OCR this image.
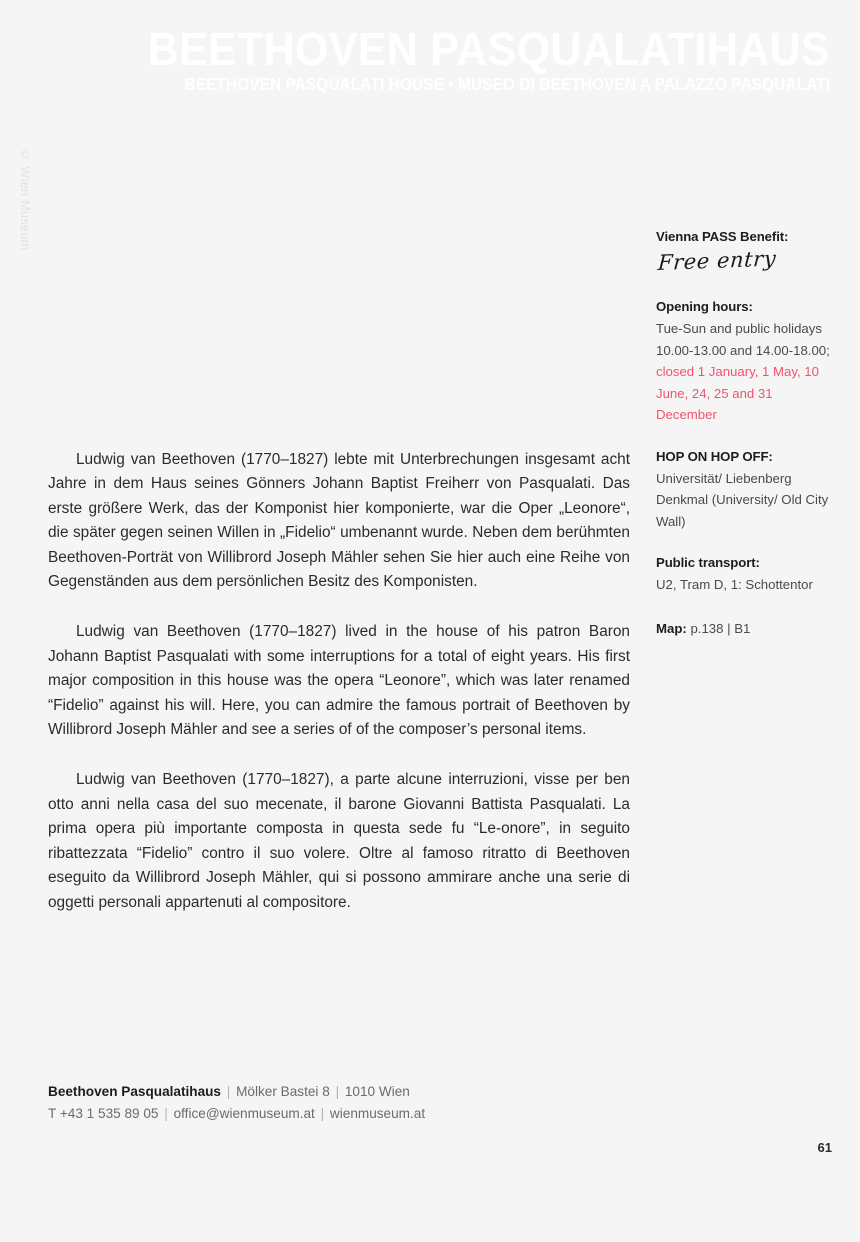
BEETHOVEN PASQUALATIHAUS
BEETHOVEN PASQUALATI HOUSE • MUSEO DI BEETHOVEN A PALAZZO PASQUALATI
© Wien Museum

Ludwig van Beethoven (1770–1827) lebte mit Unterbrechungen insgesamt acht Jahre in dem Haus seines Gönners Johann Baptist Freiherr von Pasqualati. Das erste größere Werk, das der Komponist hier komponierte, war die Oper „Leonore“, die später gegen seinen Willen in „Fidelio“ umbenannt wurde. Neben dem berühmten Beethoven-Porträt von Willibrord Joseph Mähler sehen Sie hier auch eine Reihe von Gegenständen aus dem persönlichen Besitz des Komponisten.

Ludwig van Beethoven (1770–1827) lived in the house of his patron Baron Johann Baptist Pasqualati with some interruptions for a total of eight years. His first major composition in this house was the opera “Leonore”, which was later renamed “Fidelio” against his will. Here, you can admire the famous portrait of Beethoven by Willibrord Joseph Mähler and see a series of of the composer’s personal items.

Ludwig van Beethoven (1770–1827), a parte alcune interruzioni, visse per ben otto anni nella casa del suo mecenate, il barone Giovanni Battista Pasqualati. La prima opera più importante composta in questa sede fu “Le-onore”, in seguito ribattezzata “Fidelio” contro il suo volere. Oltre al famoso ritratto di Beethoven eseguito da Willibrord Joseph Mähler, qui si possono ammirare anche una serie di oggetti personali appartenuti al compositore.

Vienna PASS Benefit:
Free entry
Opening hours:

Tue-Sun and public holidays 10.00-13.00 and 14.00-18.00;

closed 1 January, 1 May, 10 June, 24, 25 and 31 December

HOP ON HOP OFF:

Universität/ Liebenberg Denkmal (University/ Old City Wall)

Public transport:

U2, Tram D, 1: Schottentor

Map: p.138 | B1

Beethoven Pasqualatihaus | Mölker Bastei 8 | 1010 Wien

T +43 1 535 89 05 | office@wienmuseum.at | wienmuseum.at

61
